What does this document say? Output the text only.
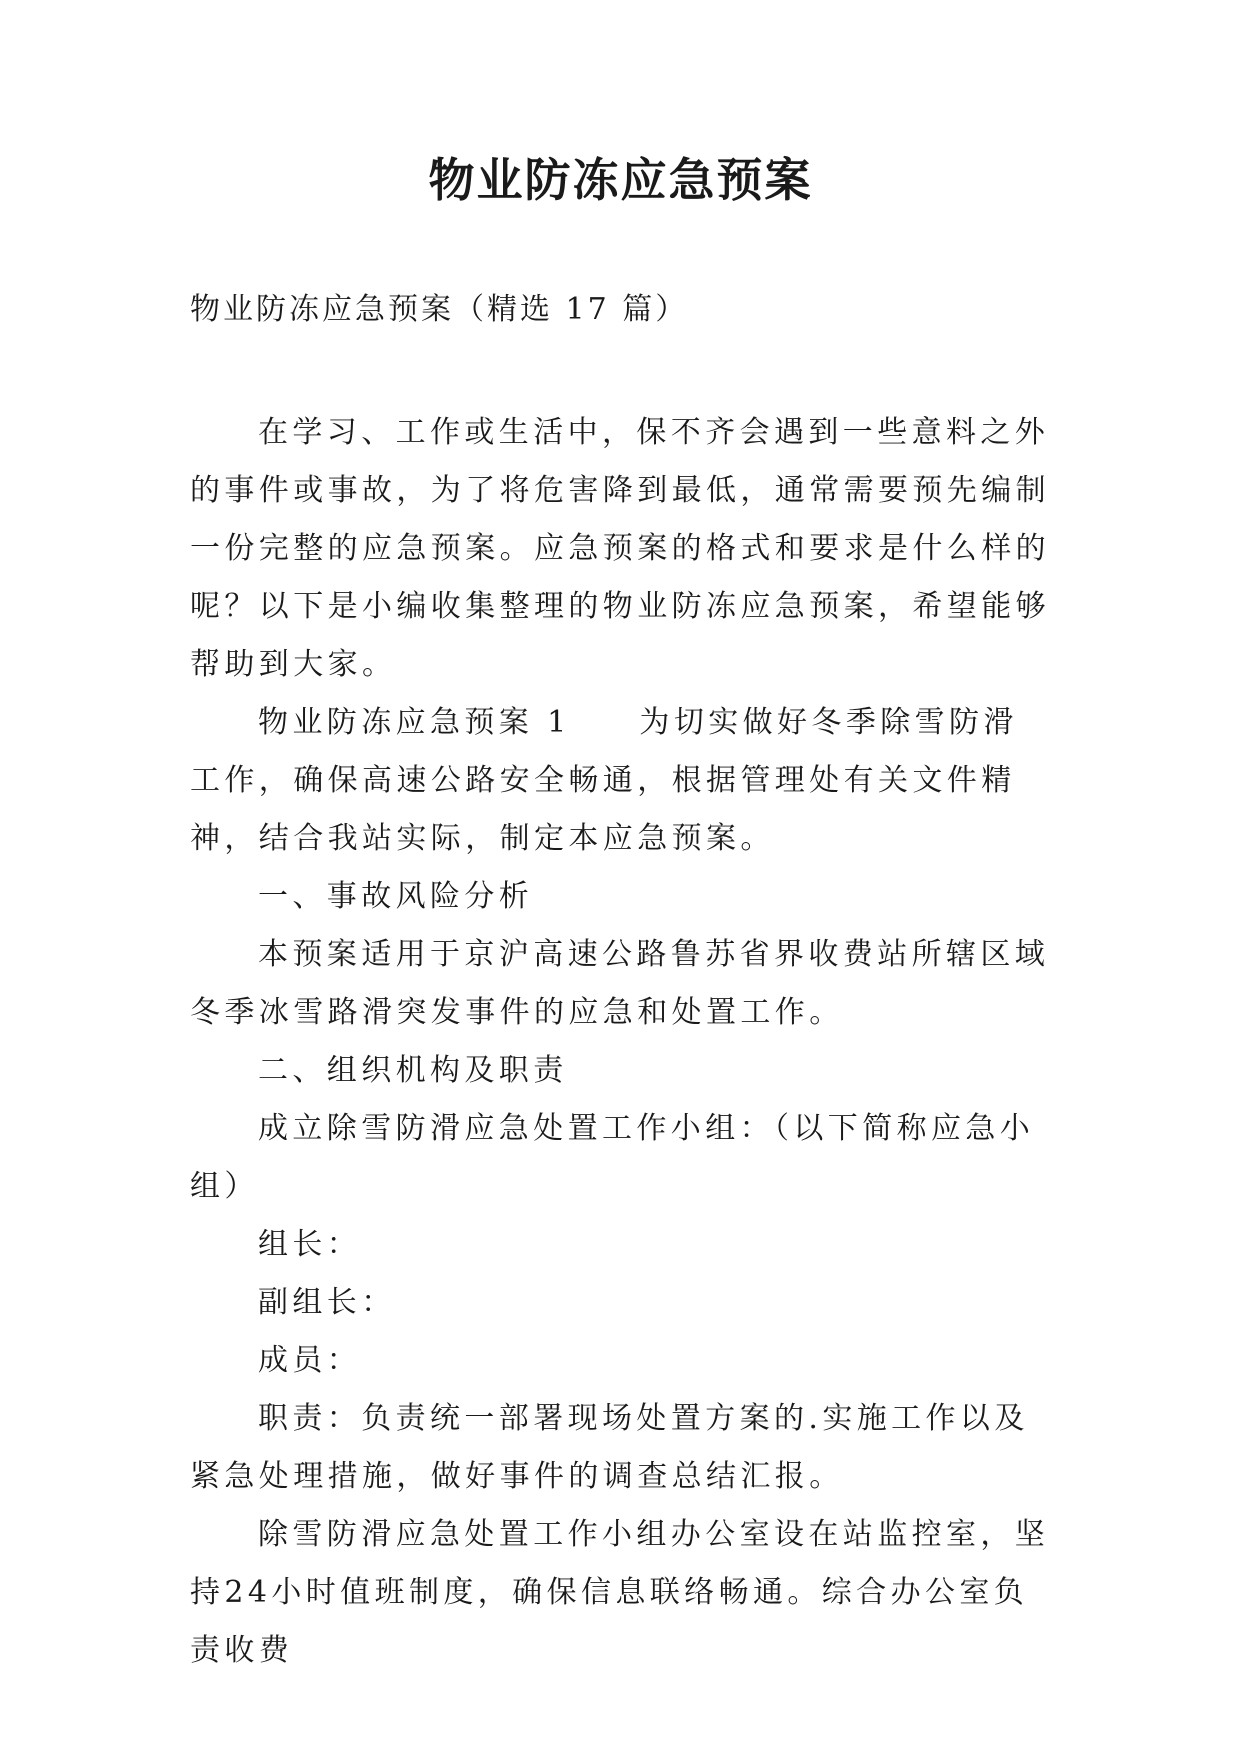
物业防冻应急预案
物业防冻应急预案（精选 17 篇）

在学习、工作或生活中，保不齐会遇到一些意料之外的事件或事故，为了将危害降到最低，通常需要预先编制一份完整的应急预案。应急预案的格式和要求是什么样的呢？以下是小编收集整理的物业防冻应急预案，希望能够帮助到大家。

物业防冻应急预案 1　　为切实做好冬季除雪防滑工作，确保高速公路安全畅通，根据管理处有关文件精神，结合我站实际，制定本应急预案。

一、事故风险分析

本预案适用于京沪高速公路鲁苏省界收费站所辖区域冬季冰雪路滑突发事件的应急和处置工作。

二、组织机构及职责

成立除雪防滑应急处置工作小组：（以下简称应急小组）

组长：

副组长：

成员：

职责：负责统一部署现场处置方案的.实施工作以及紧急处理措施，做好事件的调查总结汇报。

除雪防滑应急处置工作小组办公室设在站监控室，坚持24小时值班制度，确保信息联络畅通。综合办公室负责收费
